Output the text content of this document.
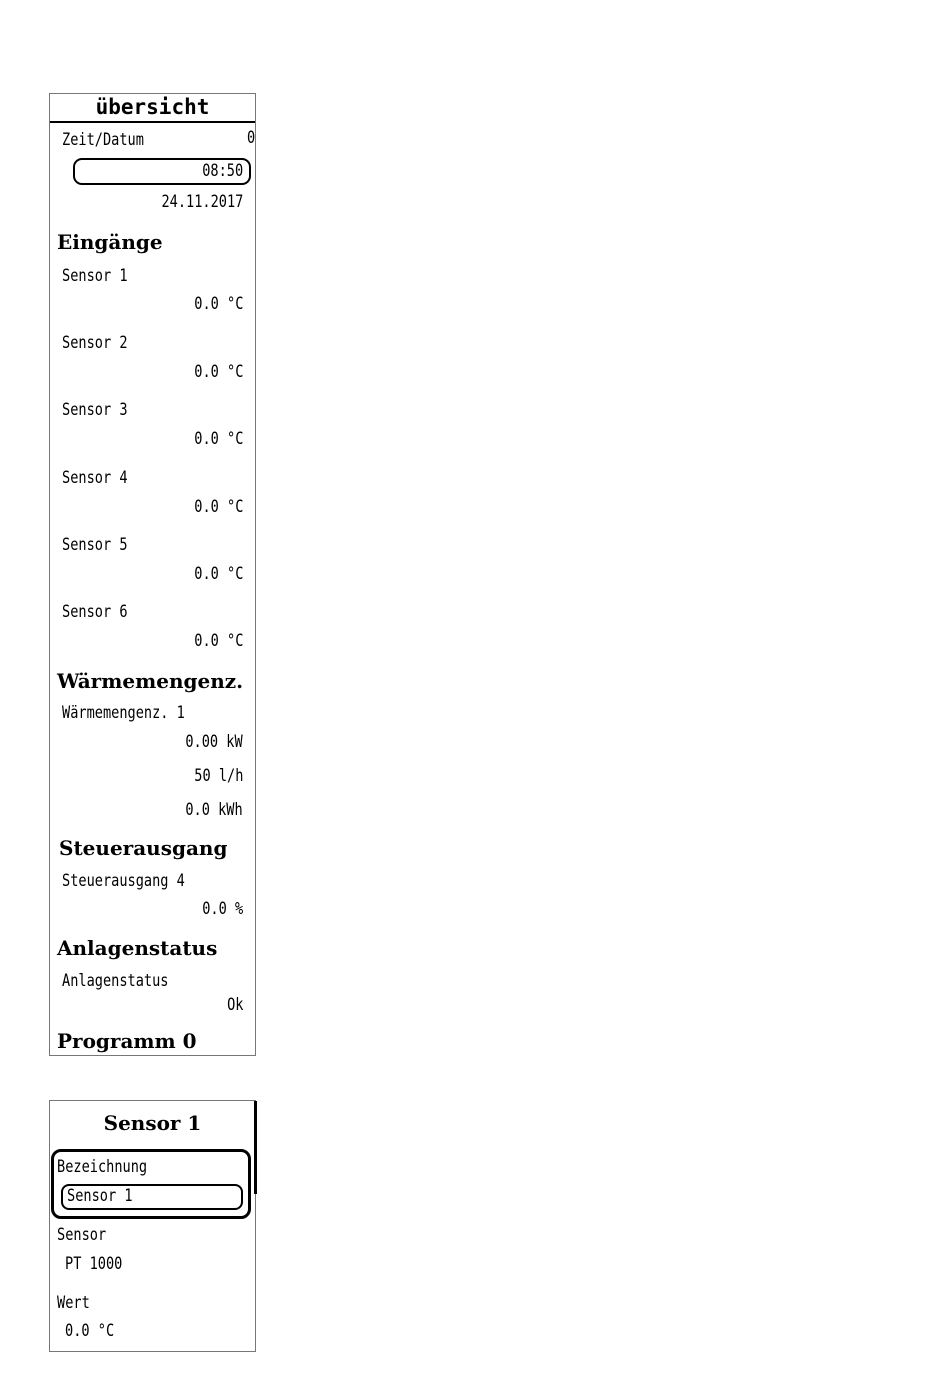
übersicht
Zeit/Datum	0
08:50
24.11.2017
Eingänge
Sensor 1
0.0 °C
Sensor 2
0.0 °C
Sensor 3
0.0 °C
Sensor 4
0.0 °C
Sensor 5
0.0 °C
Sensor 6
0.0 °C
Wärmemengenz.
Wärmemengenz. 1
0.00 kW
50 l/h
0.0 kWh
Steuerausgang
Steuerausgang 4
0.0 %
Anlagenstatus
Anlagenstatus
Ok
Programm 0
Sensor 1
Bezeichnung
Sensor 1
Sensor
PT 1000
Wert
0.0 °C
